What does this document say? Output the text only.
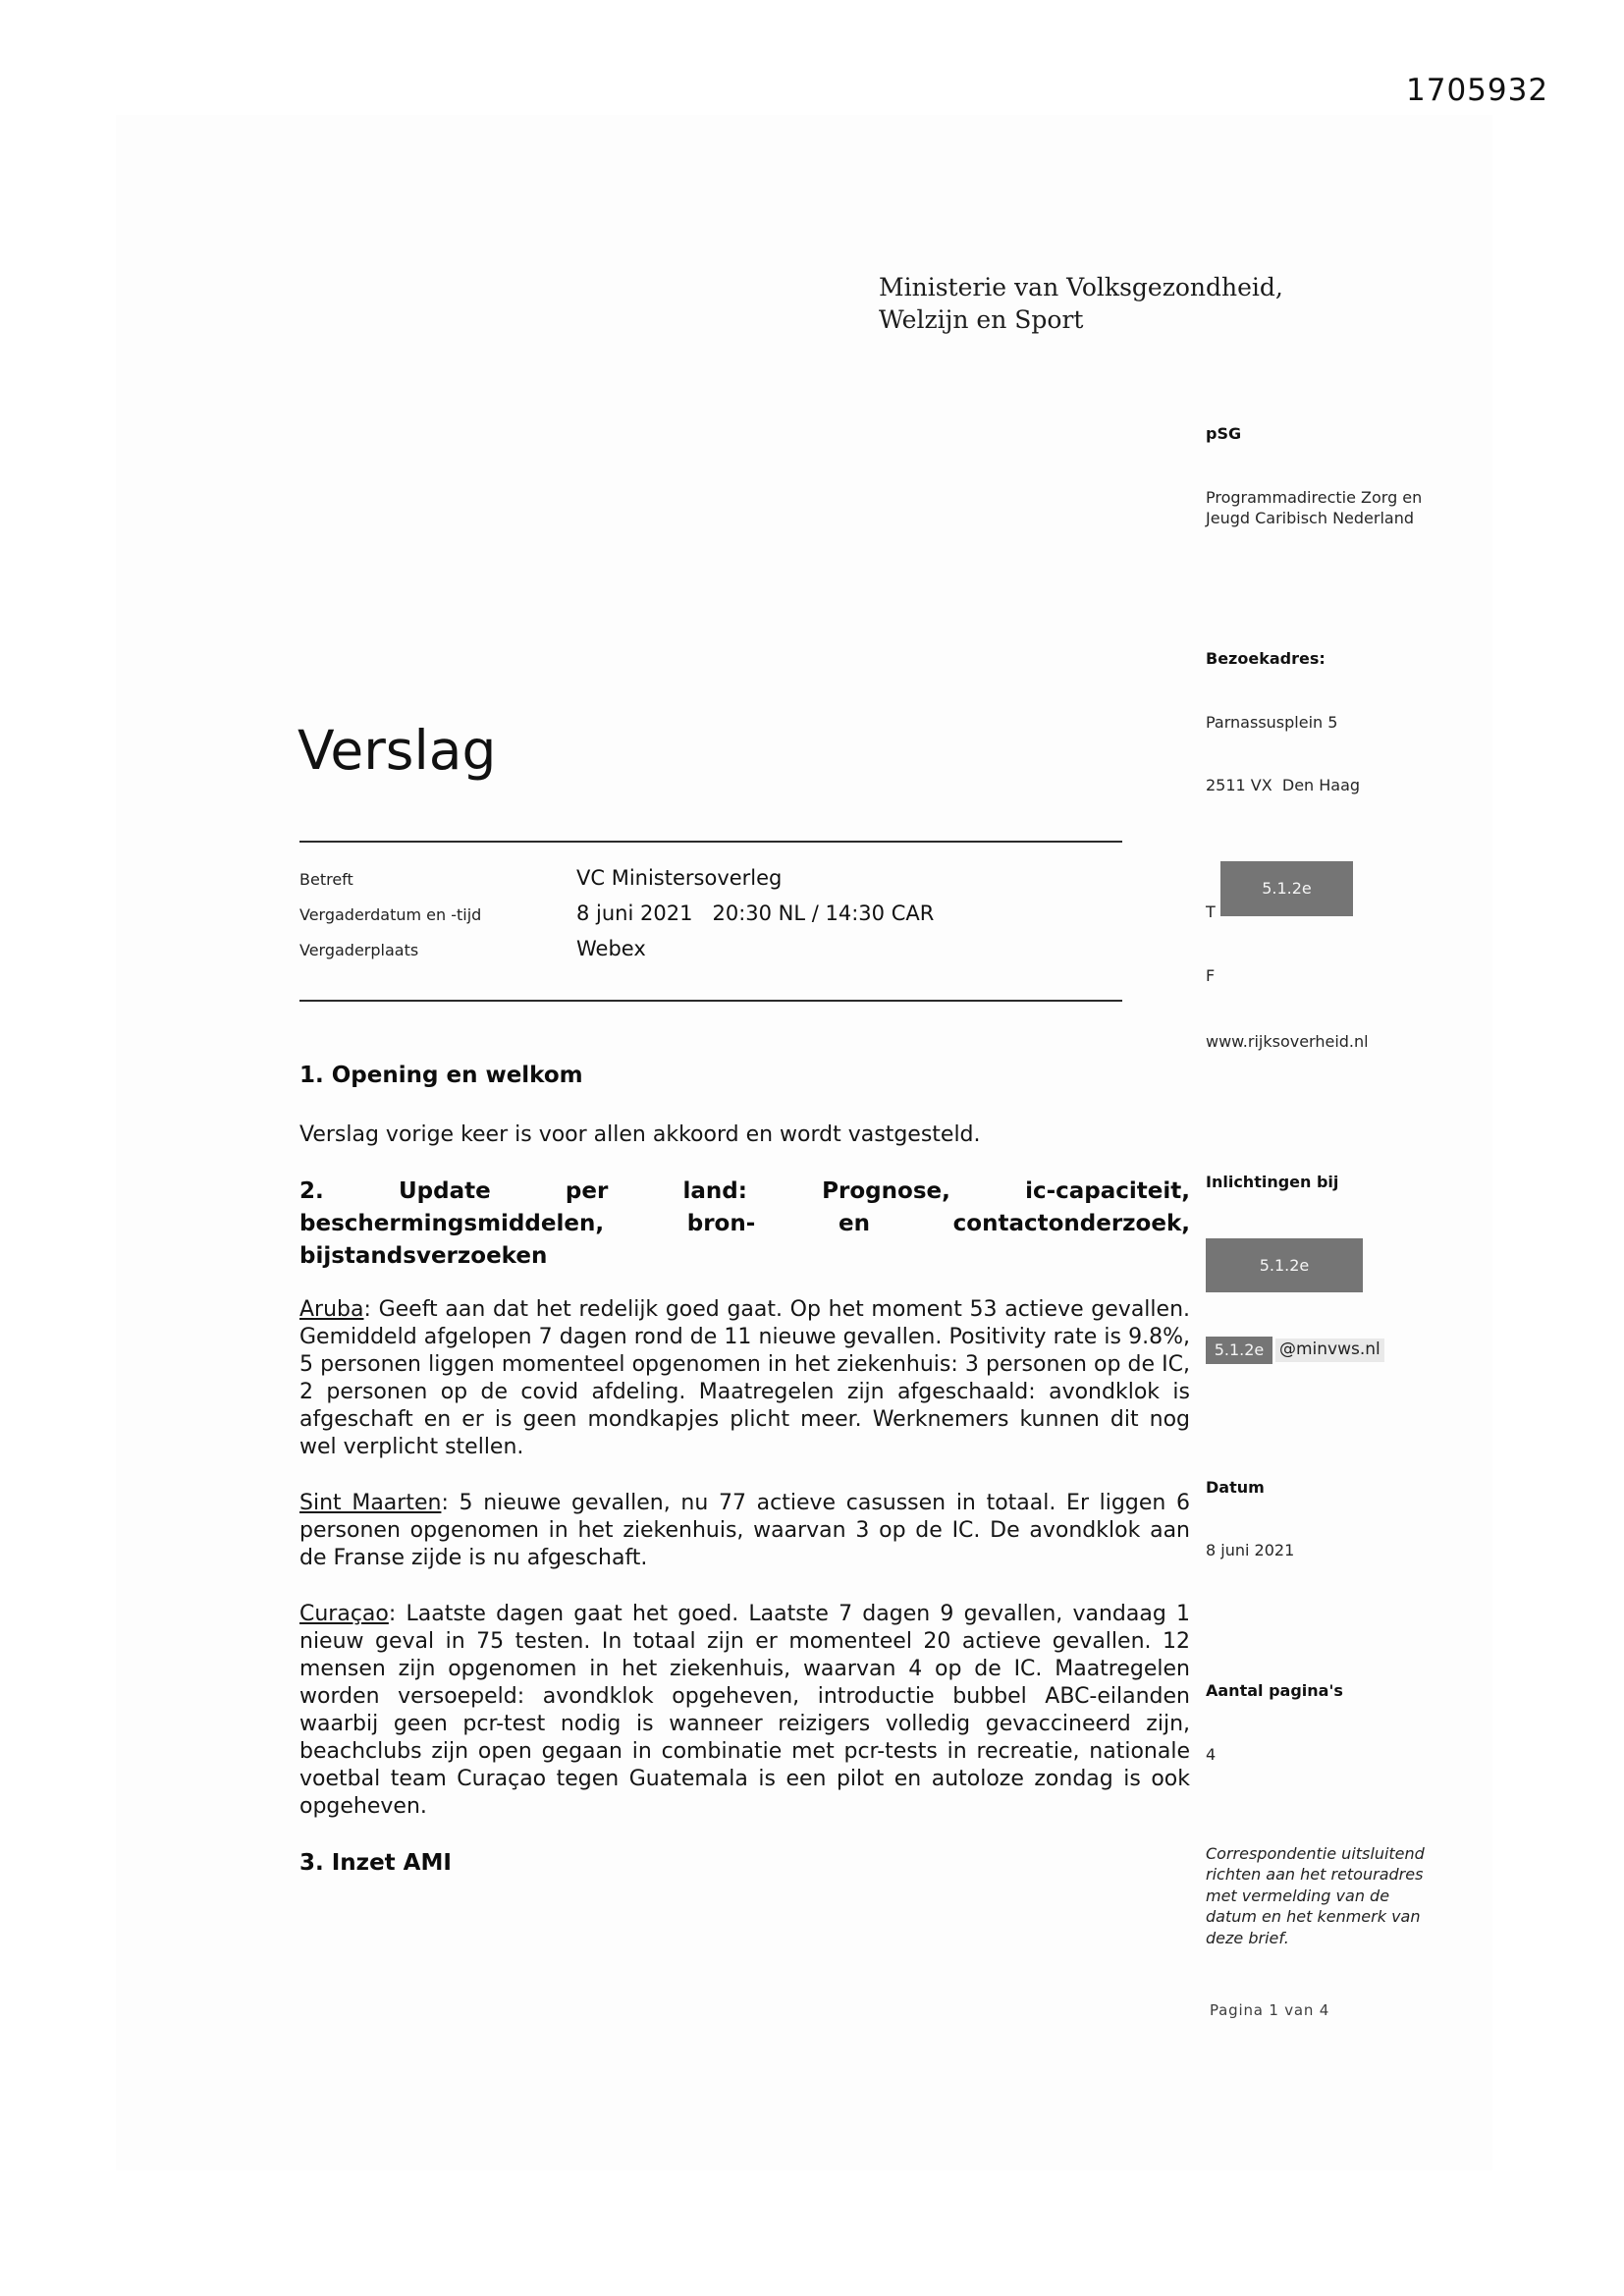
1705932
Ministerie van Volksgezondheid,
Welzijn en Sport

pSG

Programmadirectie Zorg en Jeugd Caribisch Nederland

Bezoekadres:

Parnassusplein 5

2511 VX  Den Haag

T

F

5.1.2e

www.rijksoverheid.nl

Inlichtingen bij

5.1.2e

5.1.2e @minvws.nl

Datum

8 juni 2021

Aantal pagina's

4

Correspondentie uitsluitend richten aan het retouradres met vermelding van de datum en het kenmerk van deze brief.

Verslag
Betreft	VC Ministersoverleg
Vergaderdatum en -tijd	8 juni 2021   20:30 NL / 14:30 CAR
Vergaderplaats	Webex
1. Opening en welkom

Verslag vorige keer is voor allen akkoord en wordt vastgesteld.

2. Update per land: Prognose, ic-capaciteit,
beschermingsmiddelen, bron- en contactonderzoek,
bijstandsverzoeken

Aruba: Geeft aan dat het redelijk goed gaat. Op het moment 53 actieve gevallen. Gemiddeld afgelopen 7 dagen rond de 11 nieuwe gevallen. Positivity rate is 9.8%, 5 personen liggen momenteel opgenomen in het ziekenhuis: 3 personen op de IC, 2 personen op de covid afdeling. Maatregelen zijn afgeschaald: avondklok is afgeschaft en er is geen mondkapjes plicht meer. Werknemers kunnen dit nog wel verplicht stellen.

Sint Maarten: 5 nieuwe gevallen, nu 77 actieve casussen in totaal. Er liggen 6 personen opgenomen in het ziekenhuis, waarvan 3 op de IC. De avondklok aan de Franse zijde is nu afgeschaft.

Curaçao: Laatste dagen gaat het goed. Laatste 7 dagen 9 gevallen, vandaag 1 nieuw geval in 75 testen. In totaal zijn er momenteel 20 actieve gevallen. 12 mensen zijn opgenomen in het ziekenhuis, waarvan 4 op de IC. Maatregelen worden versoepeld: avondklok opgeheven, introductie bubbel ABC-eilanden waarbij geen pcr-test nodig is wanneer reizigers volledig gevaccineerd zijn, beachclubs zijn open gegaan in combinatie met pcr-tests in recreatie, nationale voetbal team Curaçao tegen Guatemala is een pilot en autoloze zondag is ook opgeheven.

3. Inzet AMI
Pagina 1 van 4
